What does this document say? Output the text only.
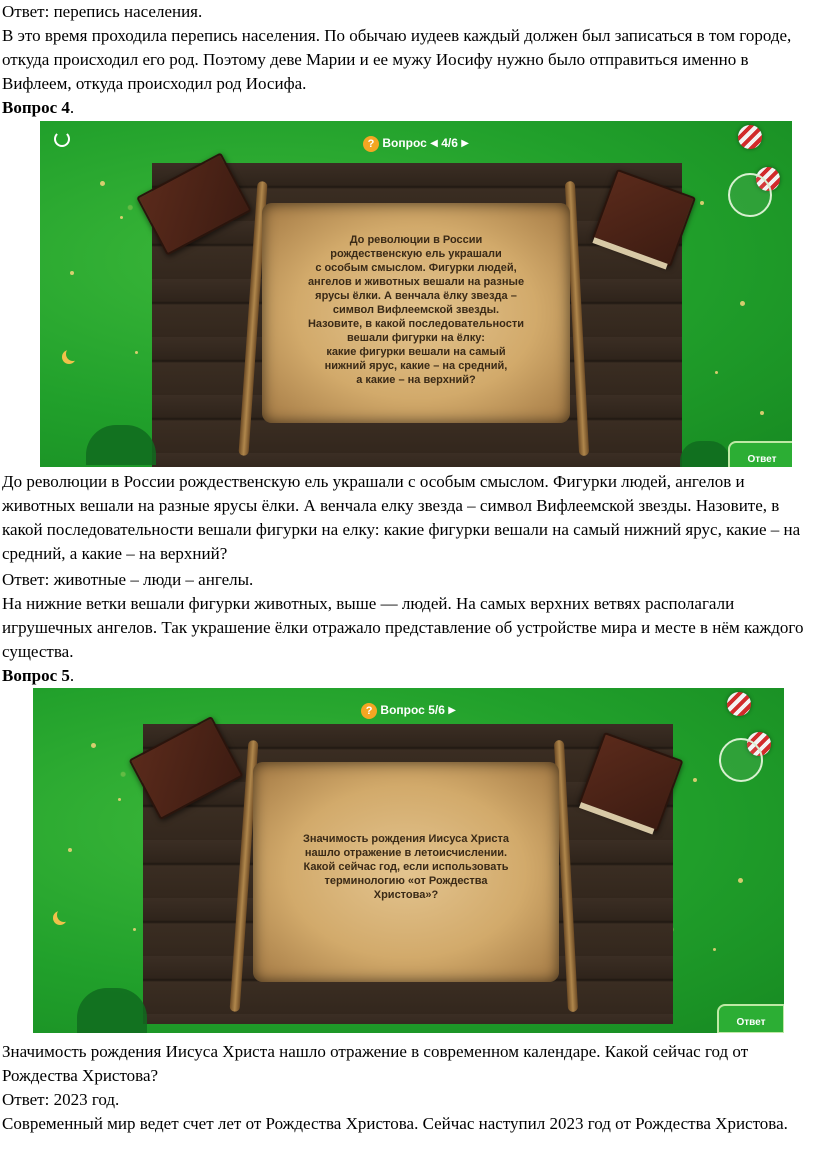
Ответ: перепись населения.

В это время проходила перепись населения. По обычаю иудеев каждый должен был записаться в том городе, откуда происходил его род. Поэтому деве Марии и ее мужу Иосифу нужно было отправиться именно в Вифлеем, откуда происходил род Иосифа.

Вопрос 4.

? Вопрос ◀ 4/6 ▶
До революции в России
рождественскую ель украшали
с особым смыслом. Фигурки людей,
ангелов и животных вешали на разные
ярусы ёлки. А венчала ёлку звезда –
символ Вифлеемской звезды.
Назовите, в какой последовательности
вешали фигурки на ёлку:
какие фигурки вешали на самый
нижний ярус, какие – на средний,
а какие – на верхний?
Ответ

До революции в России рождественскую ель украшали с особым смыслом. Фигурки людей, ангелов и животных вешали на разные ярусы ёлки. А венчала елку звезда – символ Вифлеемской звезды. Назовите, в какой последовательности вешали фигурки на елку: какие фигурки вешали на самый нижний ярус, какие – на средний, а какие – на верхний?

Ответ: животные – люди – ангелы.

На нижние ветки вешали фигурки животных, выше — людей. На самых верхних ветвях располагали игрушечных ангелов. Так украшение ёлки отражало представление об устройстве мира и месте в нём каждого существа.

Вопрос 5.

? Вопрос 5/6 ▶
Значимость рождения Иисуса Христа
нашло отражение в летоисчислении.
Какой сейчас год, если использовать
терминологию «от Рождества
Христова»?
Ответ

Значимость рождения Иисуса Христа нашло отражение в современном календаре. Какой сейчас год от Рождества Христова?

Ответ: 2023 год.

Современный мир ведет счет лет от Рождества Христова. Сейчас наступил 2023 год от Рождества Христова.
